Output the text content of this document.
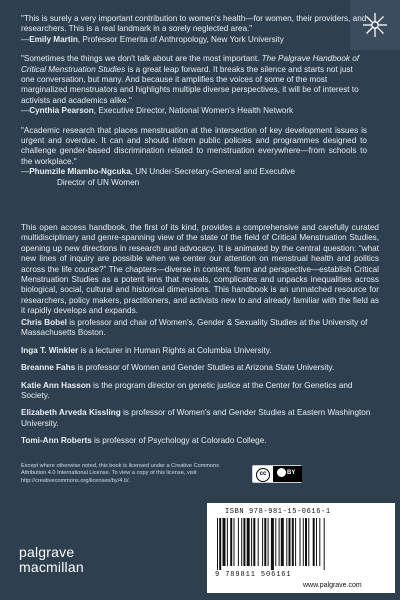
"This is surely a very important contribution to women's health—for women, their providers, and researchers. This is a real landmark in a sorely neglected area."
—Emily Martin, Professor Emerita of Anthropology, New York University
"Sometimes the things we don't talk about are the most important. The Palgrave Handbook of Critical Menstruation Studies is a great leap forward. It breaks the silence and starts not just one conversation, but many. And because it amplifies the voices of some of the most marginalized menstruators and highlights multiple diverse perspectives, it will be of interest to activists and academics alike."
—Cynthia Pearson, Executive Director, National Women's Health Network
"Academic research that places menstruation at the intersection of key development issues is urgent and overdue. It can and should inform public policies and programmes designed to challenge gender-based discrimination related to menstruation everywhere—from schools to the workplace."
—Phumzile Mlambo-Ngcuka, UN Under-Secretary-General and Executive
Director of UN Women
This open access handbook, the first of its kind, provides a comprehensive and carefully curated multidisciplinary and genre-spanning view of the state of the field of Critical Menstruation Studies, opening up new directions in research and advocacy. It is animated by the central question: “what new lines of inquiry are possible when we center our attention on menstrual health and politics across the life course?” The chapters—diverse in content, form and perspective—establish Critical Menstruation Studies as a potent lens that reveals, complicates and unpacks inequalities across biological, social, cultural and historical dimensions. This handbook is an unmatched resource for researchers, policy makers, practitioners, and activists new to and already familiar with the field as it rapidly develops and expands.
Chris Bobel is professor and chair of Women's, Gender & Sexuality Studies at the University of Massachusetts Boston.
Inga T. Winkler is a lecturer in Human Rights at Columbia University.
Breanne Fahs is professor of Women and Gender Studies at Arizona State University.
Katie Ann Hasson is the program director on genetic justice at the Center for Genetics and Society.
Elizabeth Arveda Kissling is professor of Women's and Gender Studies at Eastern Washington University.
Tomi-Ann Roberts is professor of Psychology at Colorado College.
Except where otherwise noted, this book is licensed under a Creative Commons Attribution 4.0 International License. To view a copy of this license, visit http://creativecommons.org/licenses/by/4.0/.
cc	BY
ISBN 978-981-15-0616-1
9 789811 506161
www.palgrave.com
palgrave
macmillan
